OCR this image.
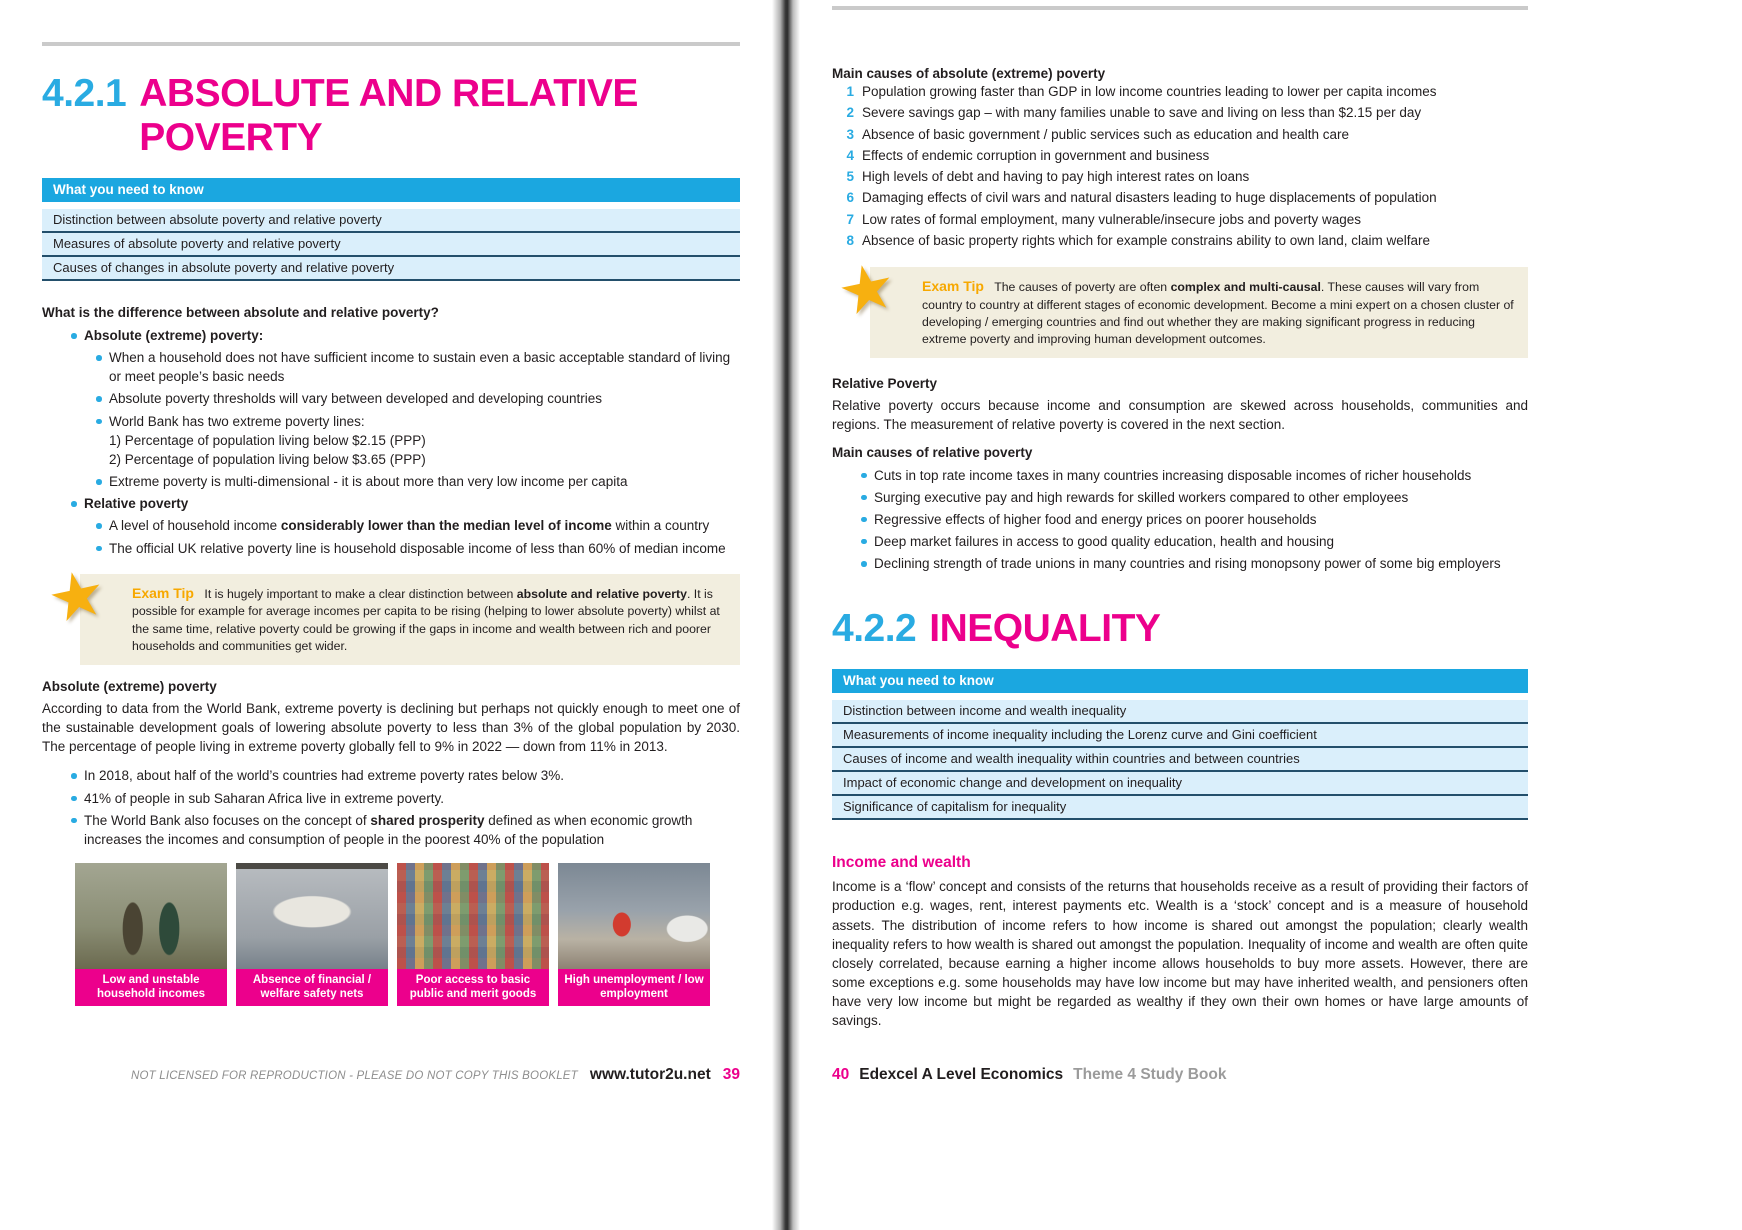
4.2.1 ABSOLUTE AND RELATIVE POVERTY
What you need to know
Distinction between absolute poverty and relative poverty
Measures of absolute poverty and relative poverty
Causes of changes in absolute poverty and relative poverty

What is the difference between absolute and relative poverty?

Absolute (extreme) poverty:
When a household does not have sufficient income to sustain even a basic acceptable standard of living or meet people’s basic needs
Absolute poverty thresholds will vary between developed and developing countries
World Bank has two extreme poverty lines:
1) Percentage of population living below $2.15 (PPP)
2) Percentage of population living below $3.65 (PPP)
Extreme poverty is multi-dimensional - it is about more than very low income per capita
Relative poverty
A level of household income considerably lower than the median level of income within a country
The official UK relative poverty line is household disposable income of less than 60% of median income
★ Exam Tip It is hugely important to make a clear distinction between absolute and relative poverty. It is possible for example for average incomes per capita to be rising (helping to lower absolute poverty) whilst at the same time, relative poverty could be growing if the gaps in income and wealth between rich and poorer households and communities get wider.

Absolute (extreme) poverty

According to data from the World Bank, extreme poverty is declining but perhaps not quickly enough to meet one of the sustainable development goals of lowering absolute poverty to less than 3% of the global population by 2030. The percentage of people living in extreme poverty globally fell to 9% in 2022 — down from 11% in 2013.

In 2018, about half of the world’s countries had extreme poverty rates below 3%.
41% of people in sub Saharan Africa live in extreme poverty.
The World Bank also focuses on the concept of shared prosperity defined as when economic growth increases the incomes and consumption of people in the poorest 40% of the population
Low and unstable household incomes
Absence of financial / welfare safety nets
Poor access to basic public and merit goods
High unemployment / low employment
NOT LICENSED FOR REPRODUCTION - PLEASE DO NOT COPY THIS BOOKLET www.tutor2u.net 39

Main causes of absolute (extreme) poverty

1 Population growing faster than GDP in low income countries leading to lower per capita incomes
2 Severe savings gap – with many families unable to save and living on less than $2.15 per day
3 Absence of basic government / public services such as education and health care
4 Effects of endemic corruption in government and business
5 High levels of debt and having to pay high interest rates on loans
6 Damaging effects of civil wars and natural disasters leading to huge displacements of population
7 Low rates of formal employment, many vulnerable/insecure jobs and poverty wages
8 Absence of basic property rights which for example constrains ability to own land, claim welfare
★ Exam Tip The causes of poverty are often complex and multi-causal. These causes will vary from country to country at different stages of economic development. Become a mini expert on a chosen cluster of developing / emerging countries and find out whether they are making significant progress in reducing extreme poverty and improving human development outcomes.

Relative Poverty

Relative poverty occurs because income and consumption are skewed across households, communities and regions. The measurement of relative poverty is covered in the next section.

Main causes of relative poverty

Cuts in top rate income taxes in many countries increasing disposable incomes of richer households
Surging executive pay and high rewards for skilled workers compared to other employees
Regressive effects of higher food and energy prices on poorer households
Deep market failures in access to good quality education, health and housing
Declining strength of trade unions in many countries and rising monopsony power of some big employers
4.2.2 INEQUALITY
What you need to know
Distinction between income and wealth inequality
Measurements of income inequality including the Lorenz curve and Gini coefficient
Causes of income and wealth inequality within countries and between countries
Impact of economic change and development on inequality
Significance of capitalism for inequality

Income and wealth

Income is a ‘flow’ concept and consists of the returns that households receive as a result of providing their factors of production e.g. wages, rent, interest payments etc. Wealth is a ‘stock’ concept and is a measure of household assets. The distribution of income refers to how income is shared out amongst the population; clearly wealth inequality refers to how wealth is shared out amongst the population. Inequality of income and wealth are often quite closely correlated, because earning a higher income allows households to buy more assets. However, there are some exceptions e.g. some households may have low income but may have inherited wealth, and pensioners often have very low income but might be regarded as wealthy if they own their own homes or have large amounts of savings.

40 Edexcel A Level Economics Theme 4 Study Book
